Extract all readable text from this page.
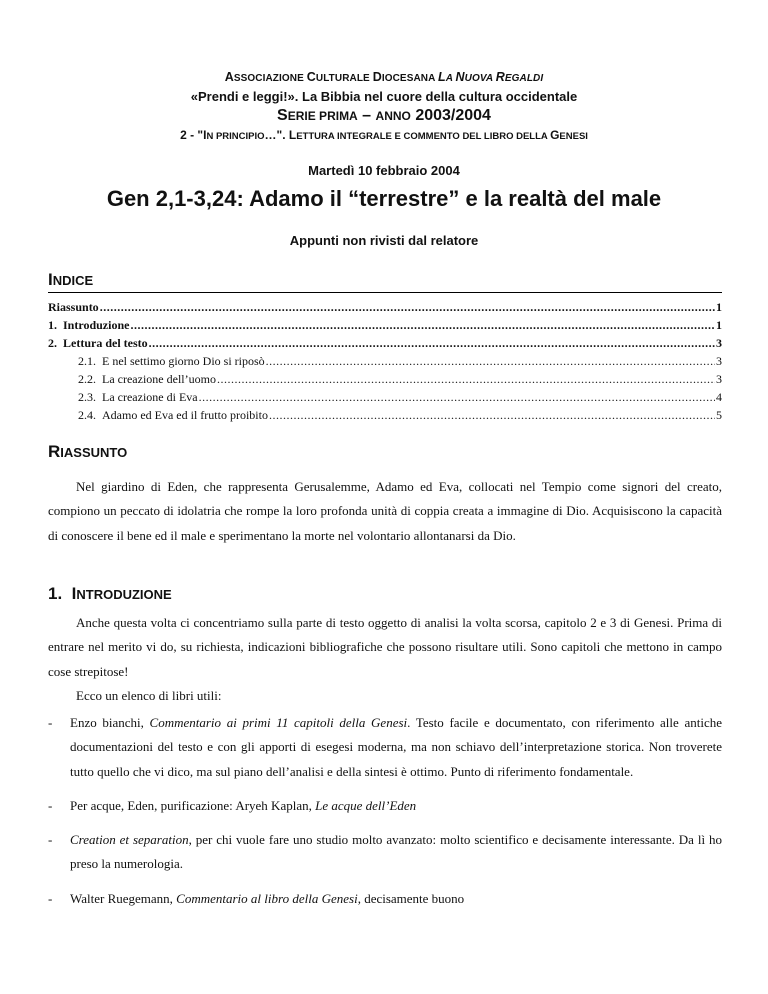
ASSOCIAZIONE CULTURALE DIOCESANA LA NUOVA REGALDI
«Prendi e leggi!». La Bibbia nel cuore della cultura occidentale
SERIE PRIMA – ANNO 2003/2004
2 - "IN PRINCIPIO…". LETTURA INTEGRALE E COMMENTO DEL LIBRO DELLA GENESI
Martedì 10 febbraio 2004
Gen 2,1-3,24: Adamo il “terrestre” e la realtà del male
Appunti non rivisti dal relatore
INDICE
Riassunto .....	1
1. Introduzione .....	1
2. Lettura del testo .....	3
2.1. E nel settimo giorno Dio si riposò .....	3
2.2. La creazione dell’uomo .....	3
2.3. La creazione di Eva .....	4
2.4. Adamo ed Eva ed il frutto proibito .....	5
RIASSUNTO

Nel giardino di Eden, che rappresenta Gerusalemme, Adamo ed Eva, collocati nel Tempio come signori del creato, compiono un peccato di idolatria che rompe la loro profonda unità di coppia creata a immagine di Dio. Acquisiscono la capacità di conoscere il bene ed il male e sperimentano la morte nel volontario allontanarsi da Dio.

1. INTRODUZIONE

Anche questa volta ci concentriamo sulla parte di testo oggetto di analisi la volta scorsa, capitolo 2 e 3 di Genesi. Prima di entrare nel merito vi do, su richiesta, indicazioni bibliografiche che possono risultare utili. Sono capitoli che mettono in campo cose strepitose!

Ecco un elenco di libri utili:

- Enzo bianchi, Commentario ai primi 11 capitoli della Genesi. Testo facile e documentato, con riferimento alle antiche documentazioni del testo e con gli apporti di esegesi moderna, ma non schiavo dell’interpretazione storica. Non troverete tutto quello che vi dico, ma sul piano dell’analisi e della sintesi è ottimo. Punto di riferimento fondamentale.
- Per acque, Eden, purificazione: Aryeh Kaplan, Le acque dell’Eden
- Creation et separation, per chi vuole fare uno studio molto avanzato: molto scientifico e decisamente interessante. Da lì ho preso la numerologia.
- Walter Ruegemann, Commentario al libro della Genesi, decisamente buono
